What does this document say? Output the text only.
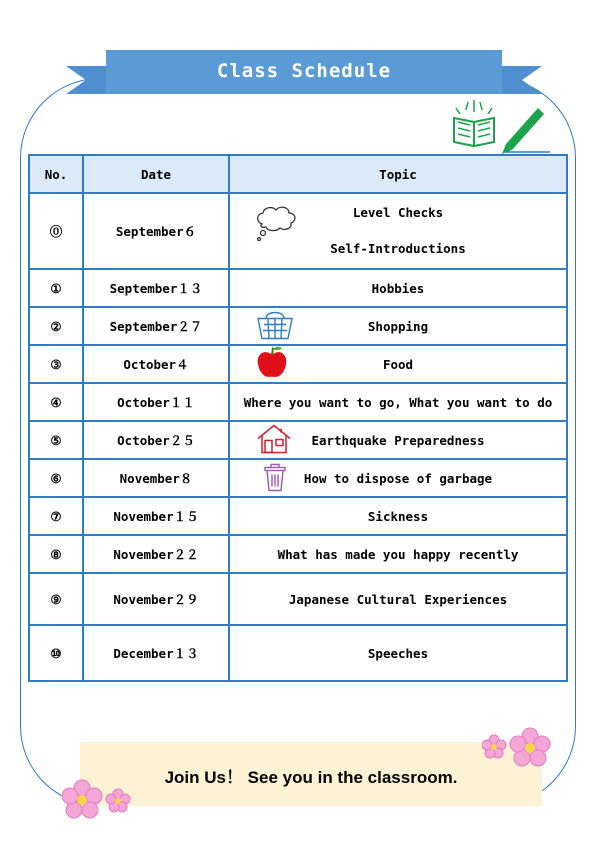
Class Schedule
No.	Date	Topic
⓪	September６	Level Checks
Self-Introductions

①	September１３	Hobbies
②	September２７	Shopping

③	October４	Food

④	October１１	Where you want to go, What you want to do
⑤	October２５	Earthquake Preparedness

⑥	November８	How to dispose of garbage

⑦	November１５	Sickness
⑧	November２２	What has made you happy recently
⑨	November２９	Japanese Cultural Experiences
⑩	December１３	Speeches
Join Us！ See you in the classroom.
